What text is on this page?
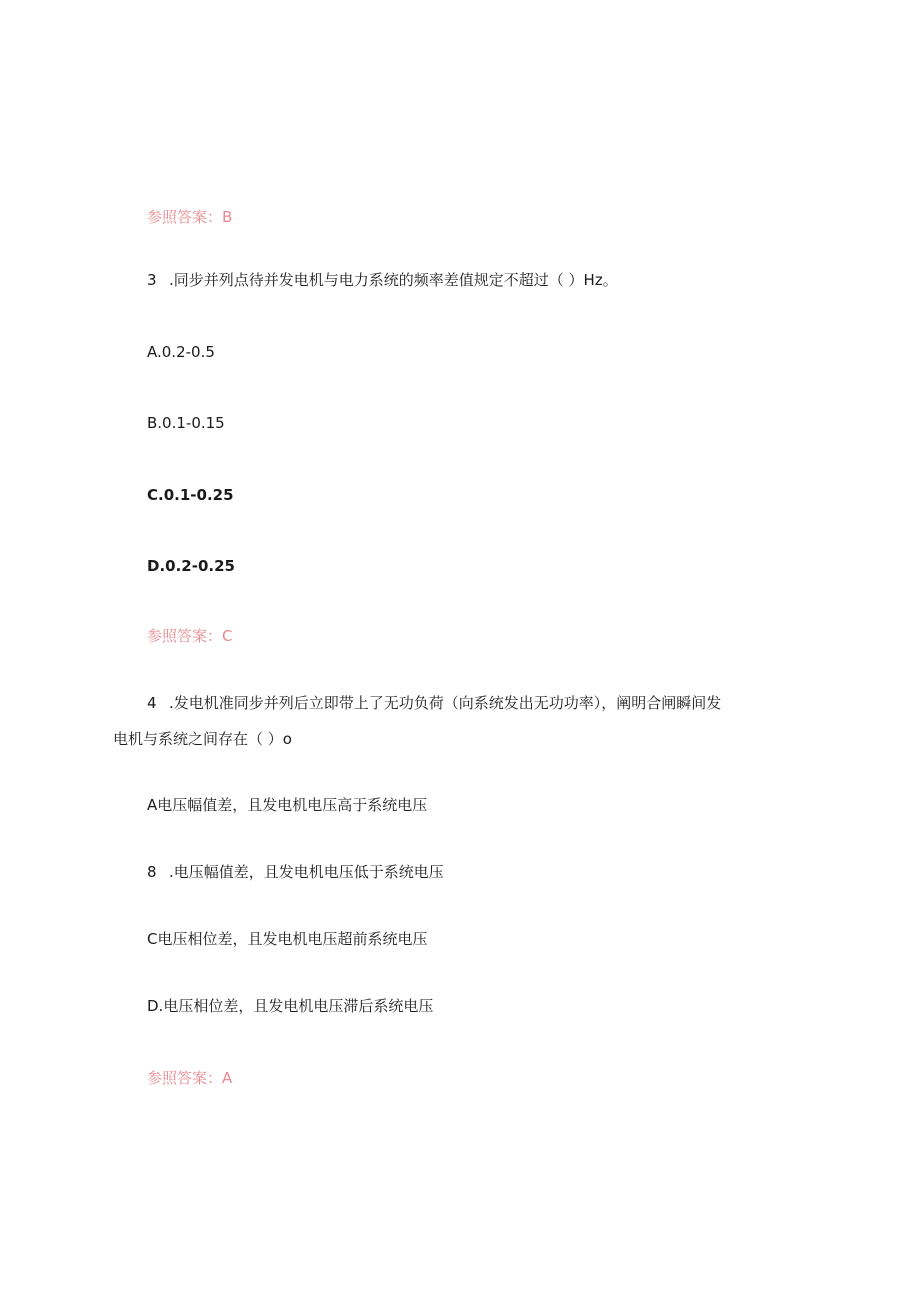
参照答案：B
3 .同步并列点待并发电机与电力系统的频率差值规定不超过（ ）Hz。
A.0.2-0.5
B.0.1-0.15
C.0.1-0.25
D.0.2-0.25
参照答案：C
4 .发电机准同步并列后立即带上了无功负荷（向系统发出无功功率），阐明合闸瞬间发
电机与系统之间存在（ ）o
A电压幅值差，且发电机电压高于系统电压
8 .电压幅值差，且发电机电压低于系统电压
C电压相位差，且发电机电压超前系统电压
D.电压相位差，且发电机电压滞后系统电压
参照答案：A
